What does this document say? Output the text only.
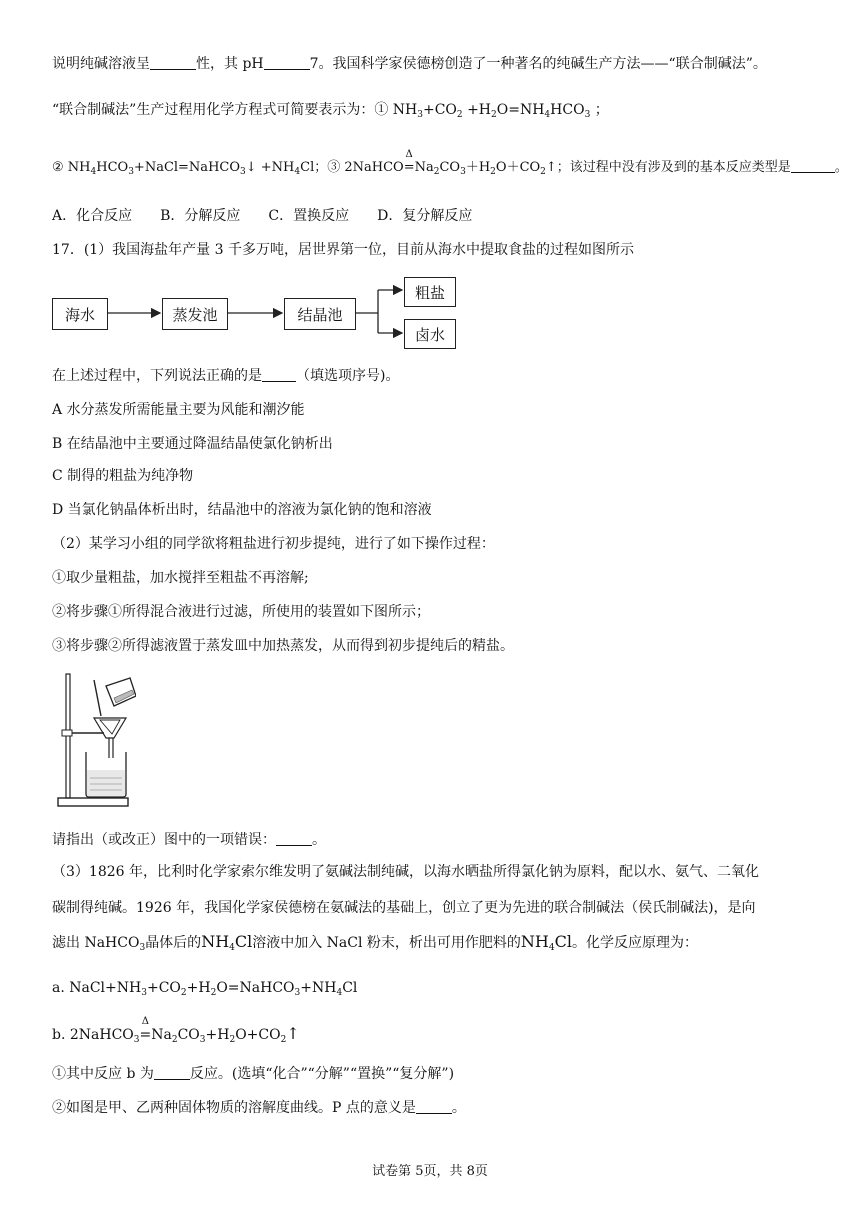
说明纯碱溶液呈	性，其 pH	7。我国科学家侯德榜创造了一种著名的纯碱生产方法——“联合制碱法”。
“联合制碱法”生产过程用化学方程式可简要表示为：① $NH_3+CO_2 +H_2O=NH_4HCO_3$ ；
② $NH_4HCO_3+NaCl=NaHCO_3↓ +NH_4Cl$；③ 2NaHCO
Δ
$=Na_2CO_3+H_2O+CO_2↑$；该过程中没有涉及到的基本反应类型是	。
A．化合反应　　B．分解反应　　C．置换反应　　D．复分解反应
17．(1）我国海盐年产量 3 千多万吨，居世界第一位，目前从海水中提取食盐的过程如图所示
海水	蒸发池	结晶池
粗盐
卤水
在上述过程中，下列说法正确的是 （填选项序号)。
A 水分蒸发所需能量主要为风能和潮汐能
B 在结晶池中主要通过降温结晶使氯化钠析出
C 制得的粗盐为纯净物
D 当氯化钠晶体析出时，结晶池中的溶液为氯化钠的饱和溶液
（2）某学习小组的同学欲将粗盐进行初步提纯，进行了如下操作过程：
①取少量粗盐，加水搅拌至粗盐不再溶解;
②将步骤①所得混合液进行过滤，所使用的装置如下图所示；
③将步骤②所得滤液置于蒸发皿中加热蒸发，从而得到初步提纯后的精盐。
请指出（或改正）图中的一项错误：	。
（3）1826 年，比利时化学家索尔维发明了氨碱法制纯碱，以海水晒盐所得氯化钠为原料，配以水、氨气、二氧化
碳制得纯碱。1926 年，我国化学家侯德榜在氨碱法的基础上，创立了更为先进的联合制碱法（侯氏制碱法)，是向
滤出 NaHCO$_3$晶体后的$NH_4Cl$溶液中加入 NaCl 粉末，析出可用作肥料的$NH_4Cl$。化学反应原理为：
a. $NaCl+NH_3+CO_2+H_2O=NaHCO_3+NH_4Cl$
b. 2NaHCO$_3$
Δ
$=Na_2CO_3+H_2O+CO_2↑$
①其中反应 b 为	反应。(选填“化合”“分解”“置换”“复分解”)
②如图是甲、乙两种固体物质的溶解度曲线。P 点的意义是	。
试卷第 5页，共 8页
